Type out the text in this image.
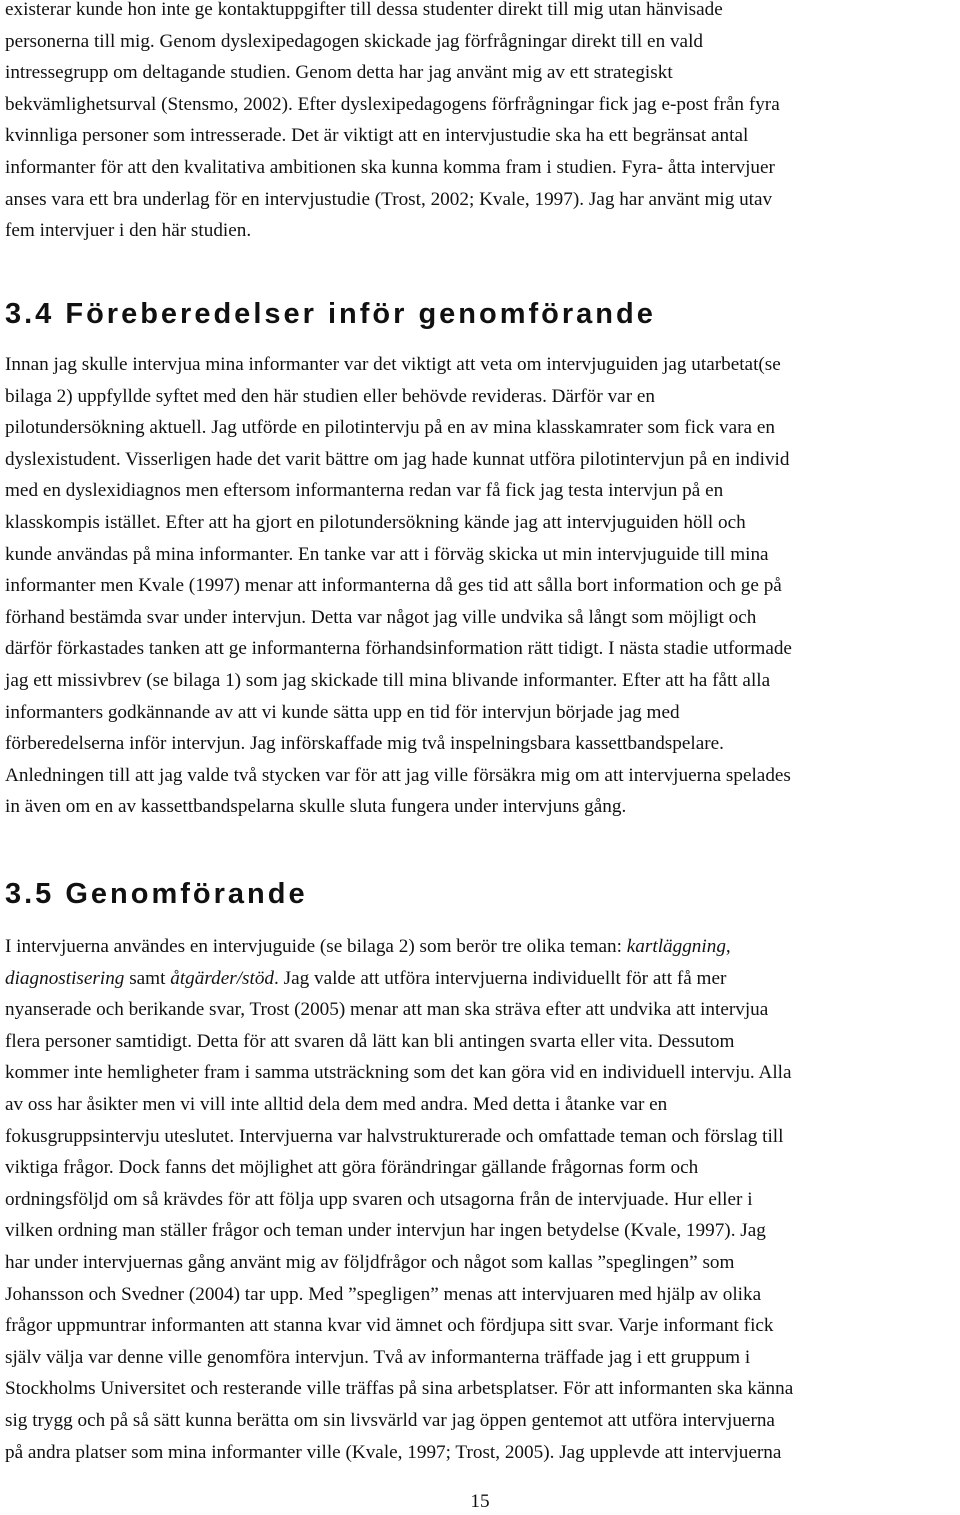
existerar kunde hon inte ge kontaktuppgifter till dessa studenter direkt till mig utan hänvisade
personerna till mig. Genom dyslexipedagogen skickade jag förfrågningar direkt till en vald
intressegrupp om deltagande studien. Genom detta har jag använt mig av ett strategiskt
bekvämlighetsurval (Stensmo, 2002). Efter dyslexipedagogens förfrågningar fick jag e-post från fyra
kvinnliga personer som intresserade. Det är viktigt att en intervjustudie ska ha ett begränsat antal
informanter för att den kvalitativa ambitionen ska kunna komma fram i studien. Fyra- åtta intervjuer
anses vara ett bra underlag för en intervjustudie (Trost, 2002; Kvale, 1997). Jag har använt mig utav
fem intervjuer i den här studien.

3.4 Föreberedelser inför genomförande

Innan jag skulle intervjua mina informanter var det viktigt att veta om intervjuguiden jag utarbetat(se
bilaga 2) uppfyllde syftet med den här studien eller behövde revideras. Därför var en
pilotundersökning aktuell. Jag utförde en pilotintervju på en av mina klasskamrater som fick vara en
dyslexistudent. Visserligen hade det varit bättre om jag hade kunnat utföra pilotintervjun på en individ
med en dyslexidiagnos men eftersom informanterna redan var få fick jag testa intervjun på en
klasskompis istället. Efter att ha gjort en pilotundersökning kände jag att intervjuguiden höll och
kunde användas på mina informanter. En tanke var att i förväg skicka ut min intervjuguide till mina
informanter men Kvale (1997) menar att informanterna då ges tid att sålla bort information och ge på
förhand bestämda svar under intervjun. Detta var något jag ville undvika så långt som möjligt och
därför förkastades tanken att ge informanterna förhandsinformation rätt tidigt. I nästa stadie utformade
jag ett missivbrev (se bilaga 1) som jag skickade till mina blivande informanter. Efter att ha fått alla
informanters godkännande av att vi kunde sätta upp en tid för intervjun började jag med
förberedelserna inför intervjun. Jag införskaffade mig två inspelningsbara kassettbandspelare.
Anledningen till att jag valde två stycken var för att jag ville försäkra mig om att intervjuerna spelades
in även om en av kassettbandspelarna skulle sluta fungera under intervjuns gång.

3.5 Genomförande

I intervjuerna användes en intervjuguide (se bilaga 2) som berör tre olika teman: kartläggning,
diagnostisering samt åtgärder/stöd. Jag valde att utföra intervjuerna individuellt för att få mer
nyanserade och berikande svar, Trost (2005) menar att man ska sträva efter att undvika att intervjua
flera personer samtidigt. Detta för att svaren då lätt kan bli antingen svarta eller vita. Dessutom
kommer inte hemligheter fram i samma utsträckning som det kan göra vid en individuell intervju. Alla
av oss har åsikter men vi vill inte alltid dela dem med andra. Med detta i åtanke var en
fokusgruppsintervju uteslutet. Intervjuerna var halvstrukturerade och omfattade teman och förslag till
viktiga frågor. Dock fanns det möjlighet att göra förändringar gällande frågornas form och
ordningsföljd om så krävdes för att följa upp svaren och utsagorna från de intervjuade. Hur eller i
vilken ordning man ställer frågor och teman under intervjun har ingen betydelse (Kvale, 1997). Jag
har under intervjuernas gång använt mig av följdfrågor och något som kallas ”speglingen” som
Johansson och Svedner (2004) tar upp. Med ”spegligen” menas att intervjuaren med hjälp av olika
frågor uppmuntrar informanten att stanna kvar vid ämnet och fördjupa sitt svar. Varje informant fick
själv välja var denne ville genomföra intervjun. Två av informanterna träffade jag i ett gruppum i
Stockholms Universitet och resterande ville träffas på sina arbetsplatser. För att informanten ska känna
sig trygg och på så sätt kunna berätta om sin livsvärld var jag öppen gentemot att utföra intervjuerna
på andra platser som mina informanter ville (Kvale, 1997; Trost, 2005). Jag upplevde att intervjuerna

15
